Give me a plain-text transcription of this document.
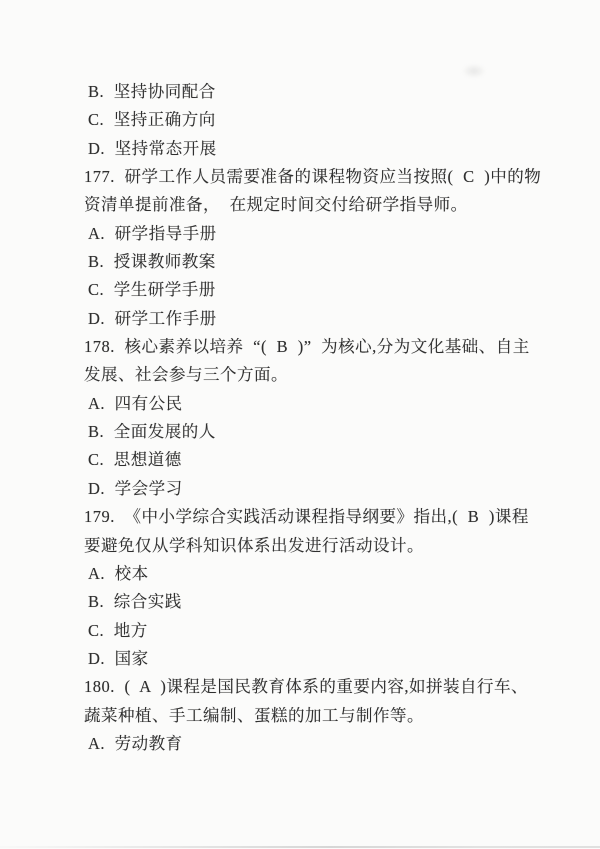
B. 坚持协同配合
C. 坚持正确方向
D. 坚持常态开展
177. 研学工作人员需要准备的课程物资应当按照( C )中的物
资清单提前准备， 在规定时间交付给研学指导师。
A. 研学指导手册
B. 授课教师教案
C. 学生研学手册
D. 研学工作手册
178. 核心素养以培养 “( B )” 为核心,分为文化基础、自主
发展、社会参与三个方面。
A. 四有公民
B. 全面发展的人
C. 思想道德
D. 学会学习
179. 《中小学综合实践活动课程指导纲要》指出,( B )课程
要避免仅从学科知识体系出发进行活动设计。
A. 校本
B. 综合实践
C. 地方
D. 国家
180. ( A )课程是国民教育体系的重要内容,如拼装自行车、
蔬菜种植、手工编制、蛋糕的加工与制作等。
A. 劳动教育
